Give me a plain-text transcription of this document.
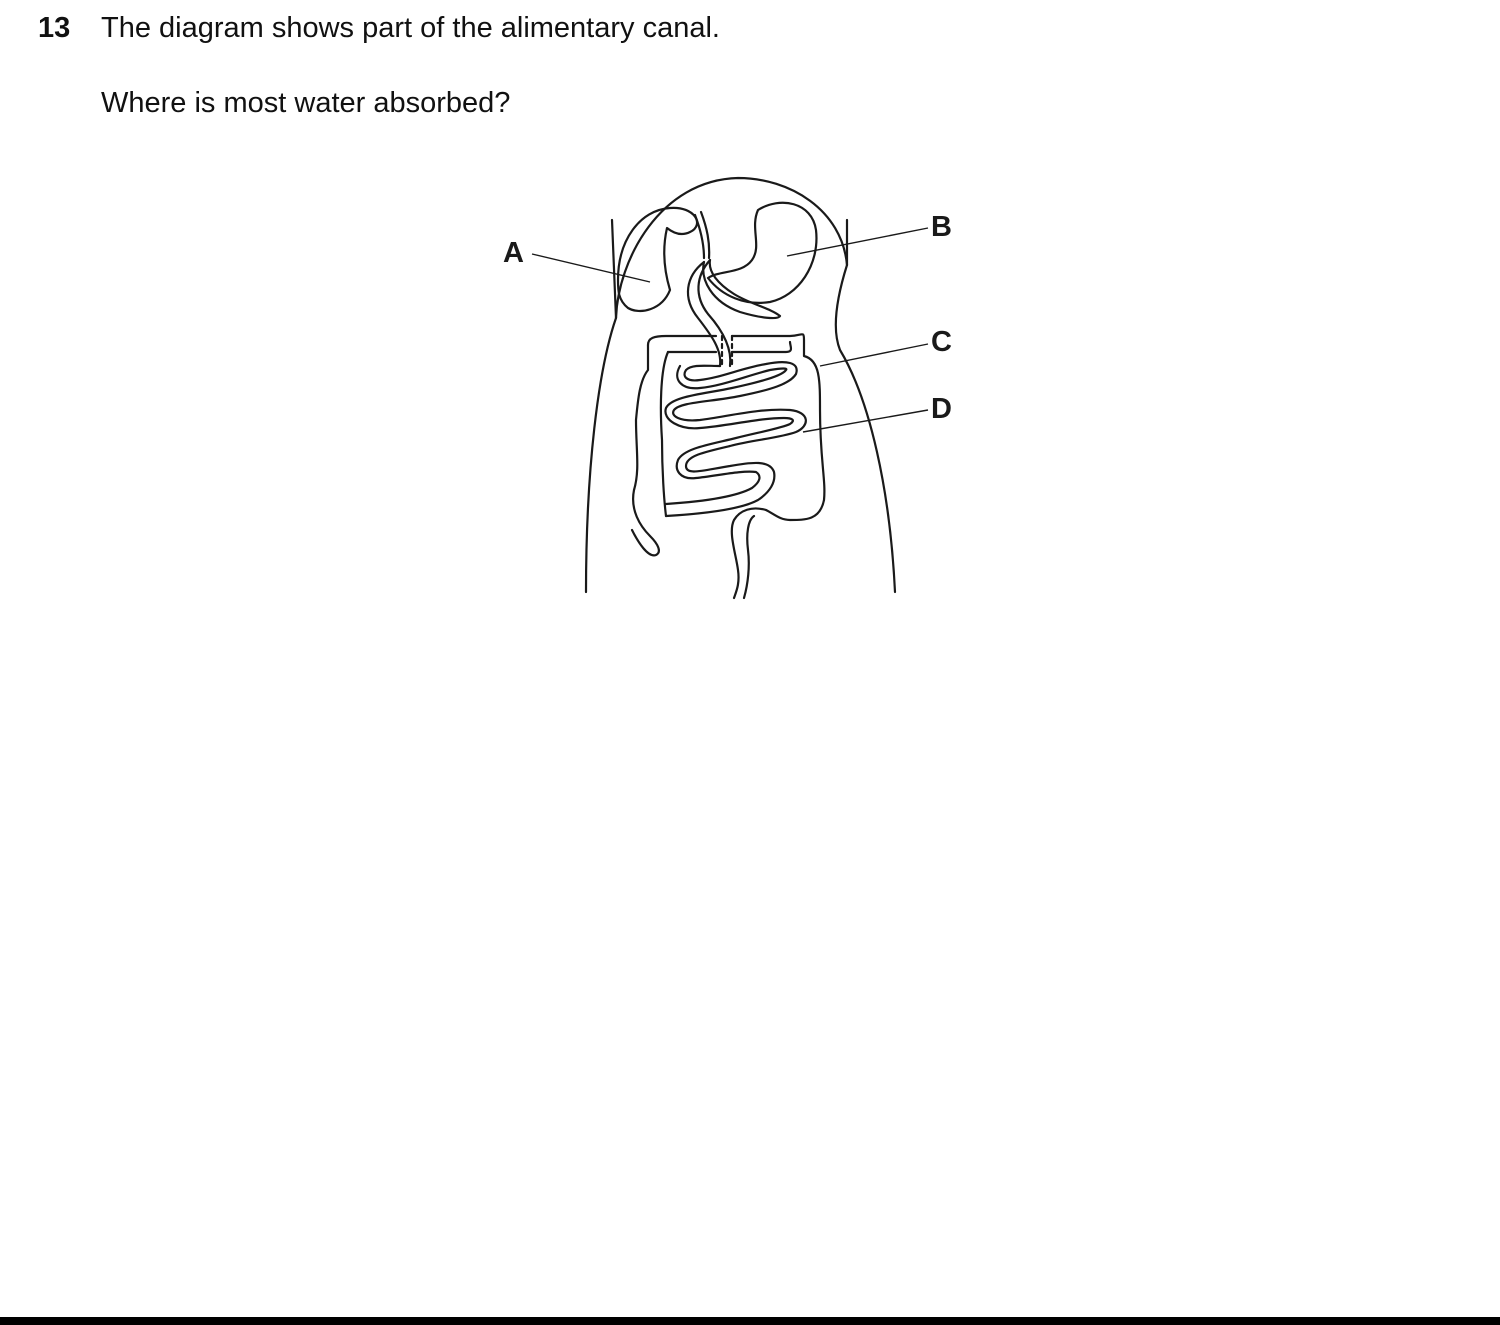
13 The diagram shows part of the alimentary canal.
Where is most water absorbed?
A
B
C
D
